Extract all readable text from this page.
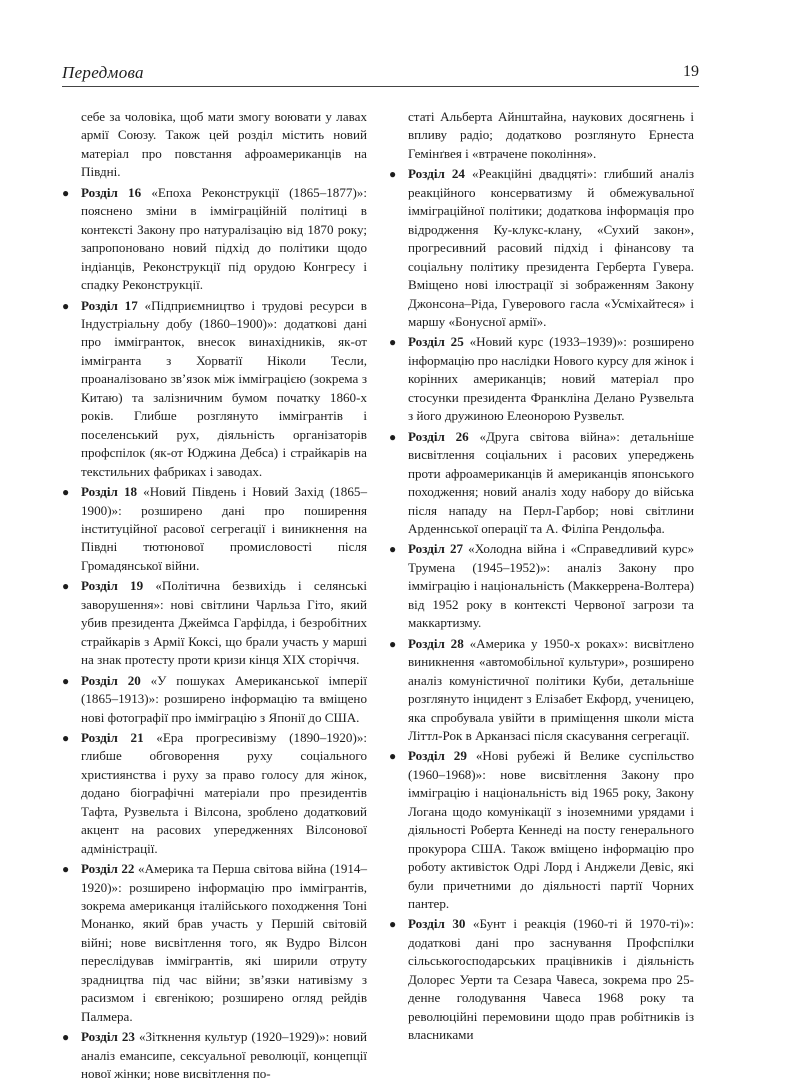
Передмова	19

себе за чоловіка, щоб мати змогу воювати у лавах армії Союзу. Також цей розділ містить новий матеріал про повстання афроамериканців на Півдні.

● Розділ 16 «Епоха Реконструкції (1865–1877)»: пояснено зміни в імміграційній політиці в контексті Закону про натуралізацію від 1870 року; запропоновано новий підхід до політики щодо індіанців, Реконструкції під орудою Конгресу і спадку Реконструкції.
● Розділ 17 «Підприємництво і трудові ресурси в Індустріальну добу (1860–1900)»: додаткові дані про іммігранток, внесок винахідників, як-от іммігранта з Хорватії Ніколи Тесли, проаналізовано зв’язок між імміграцією (зокрема з Китаю) та залізничним бумом початку 1860-х років. Глибше розглянуто іммігрантів і поселенський рух, діяльність організаторів профспілок (як-от Юджина Дебса) і страйкарів на текстильних фабриках і заводах.
● Розділ 18 «Новий Південь і Новий Захід (1865–1900)»: розширено дані про поширення інституційної расової сегрегації і виникнення на Півдні тютюнової промисловості після Громадянської війни.
● Розділ 19 «Політична безвихідь і селянські заворушення»: нові світлини Чарльза Гіто, який убив президента Джеймса Гарфілда, і безробітних страйкарів з Армії Коксі, що брали участь у марші на знак протесту проти кризи кінця XIX сторіччя.
● Розділ 20 «У пошуках Американської імперії (1865–1913)»: розширено інформацію та вміщено нові фотографії про імміграцію з Японії до США.
● Розділ 21 «Ера прогресивізму (1890–1920)»: глибше обговорення руху соціального християнства і руху за право голосу для жінок, додано біографічні матеріали про президентів Тафта, Рузвельта і Вілсона, зроблено додатковий акцент на расових упередженнях Вілсонової адміністрації.
● Розділ 22 «Америка та Перша світова війна (1914–1920)»: розширено інформацію про іммігрантів, зокрема американця італійського походження Тоні Монанко, який брав участь у Першій світовій війні; нове висвітлення того, як Вудро Вілсон переслідував іммігрантів, які ширили отруту зрадництва під час війни; зв’язки нативізму з расизмом і євгенікою; розширено огляд рейдів Палмера.
● Розділ 23 «Зіткнення культур (1920–1929)»: новий аналіз емансипе, сексуальної революції, концепції нової жінки; нове висвітлення по-

статі Альберта Айнштайна, наукових досягнень і впливу радіо; додатково розглянуто Ернеста Гемінґвея і «втрачене покоління».

● Розділ 24 «Реакційні двадцяті»: глибший аналіз реакційного консерватизму й обмежувальної імміграційної політики; додаткова інформація про відродження Ку-клукс-клану, «Сухий закон», прогресивний расовий підхід і фінансову та соціальну політику президента Герберта Гувера. Вміщено нові ілюстрації зі зображенням Закону Джонсона–Ріда, Гуверового гасла «Усміхайтеся» і маршу «Бонусної армії».
● Розділ 25 «Новий курс (1933–1939)»: розширено інформацію про наслідки Нового курсу для жінок і корінних американців; новий матеріал про стосунки президента Франкліна Делано Рузвельта з його дружиною Елеонорою Рузвельт.
● Розділ 26 «Друга світова війна»: детальніше висвітлення соціальних і расових упереджень проти афроамериканців й американців японського походження; новий аналіз ходу набору до війська після нападу на Перл-Гарбор; нові світлини Арденнської операції та А. Філіпа Рендольфа.
● Розділ 27 «Холодна війна і «Справедливий курс» Трумена (1945–1952)»: аналіз Закону про імміграцію і національність (Маккеррена-Волтера) від 1952 року в контексті Червоної загрози та маккартизму.
● Розділ 28 «Америка у 1950-х роках»: висвітлено виникнення «автомобільної культури», розширено аналіз комуністичної політики Куби, детальніше розглянуто інцидент з Елізабет Екфорд, ученицею, яка спробувала увійти в приміщення школи міста Літтл-Рок в Арканзасі після скасування сегрегації.
● Розділ 29 «Нові рубежі й Велике суспільство (1960–1968)»: нове висвітлення Закону про імміграцію і національність від 1965 року, Закону Логана щодо комунікації з іноземними урядами і діяльності Роберта Кеннеді на посту генерального прокурора США. Також вміщено інформацію про роботу активісток Одрі Лорд і Анджели Девіс, які були причетними до діяльності партії Чорних пантер.
● Розділ 30 «Бунт і реакція (1960-ті й 1970-ті)»: додаткові дані про заснування Профспілки сільськогосподарських працівників і діяльність Долорес Уерти та Сезара Чавеса, зокрема про 25-денне голодування Чавеса 1968 року та революційні перемовини щодо прав робітників із власниками
